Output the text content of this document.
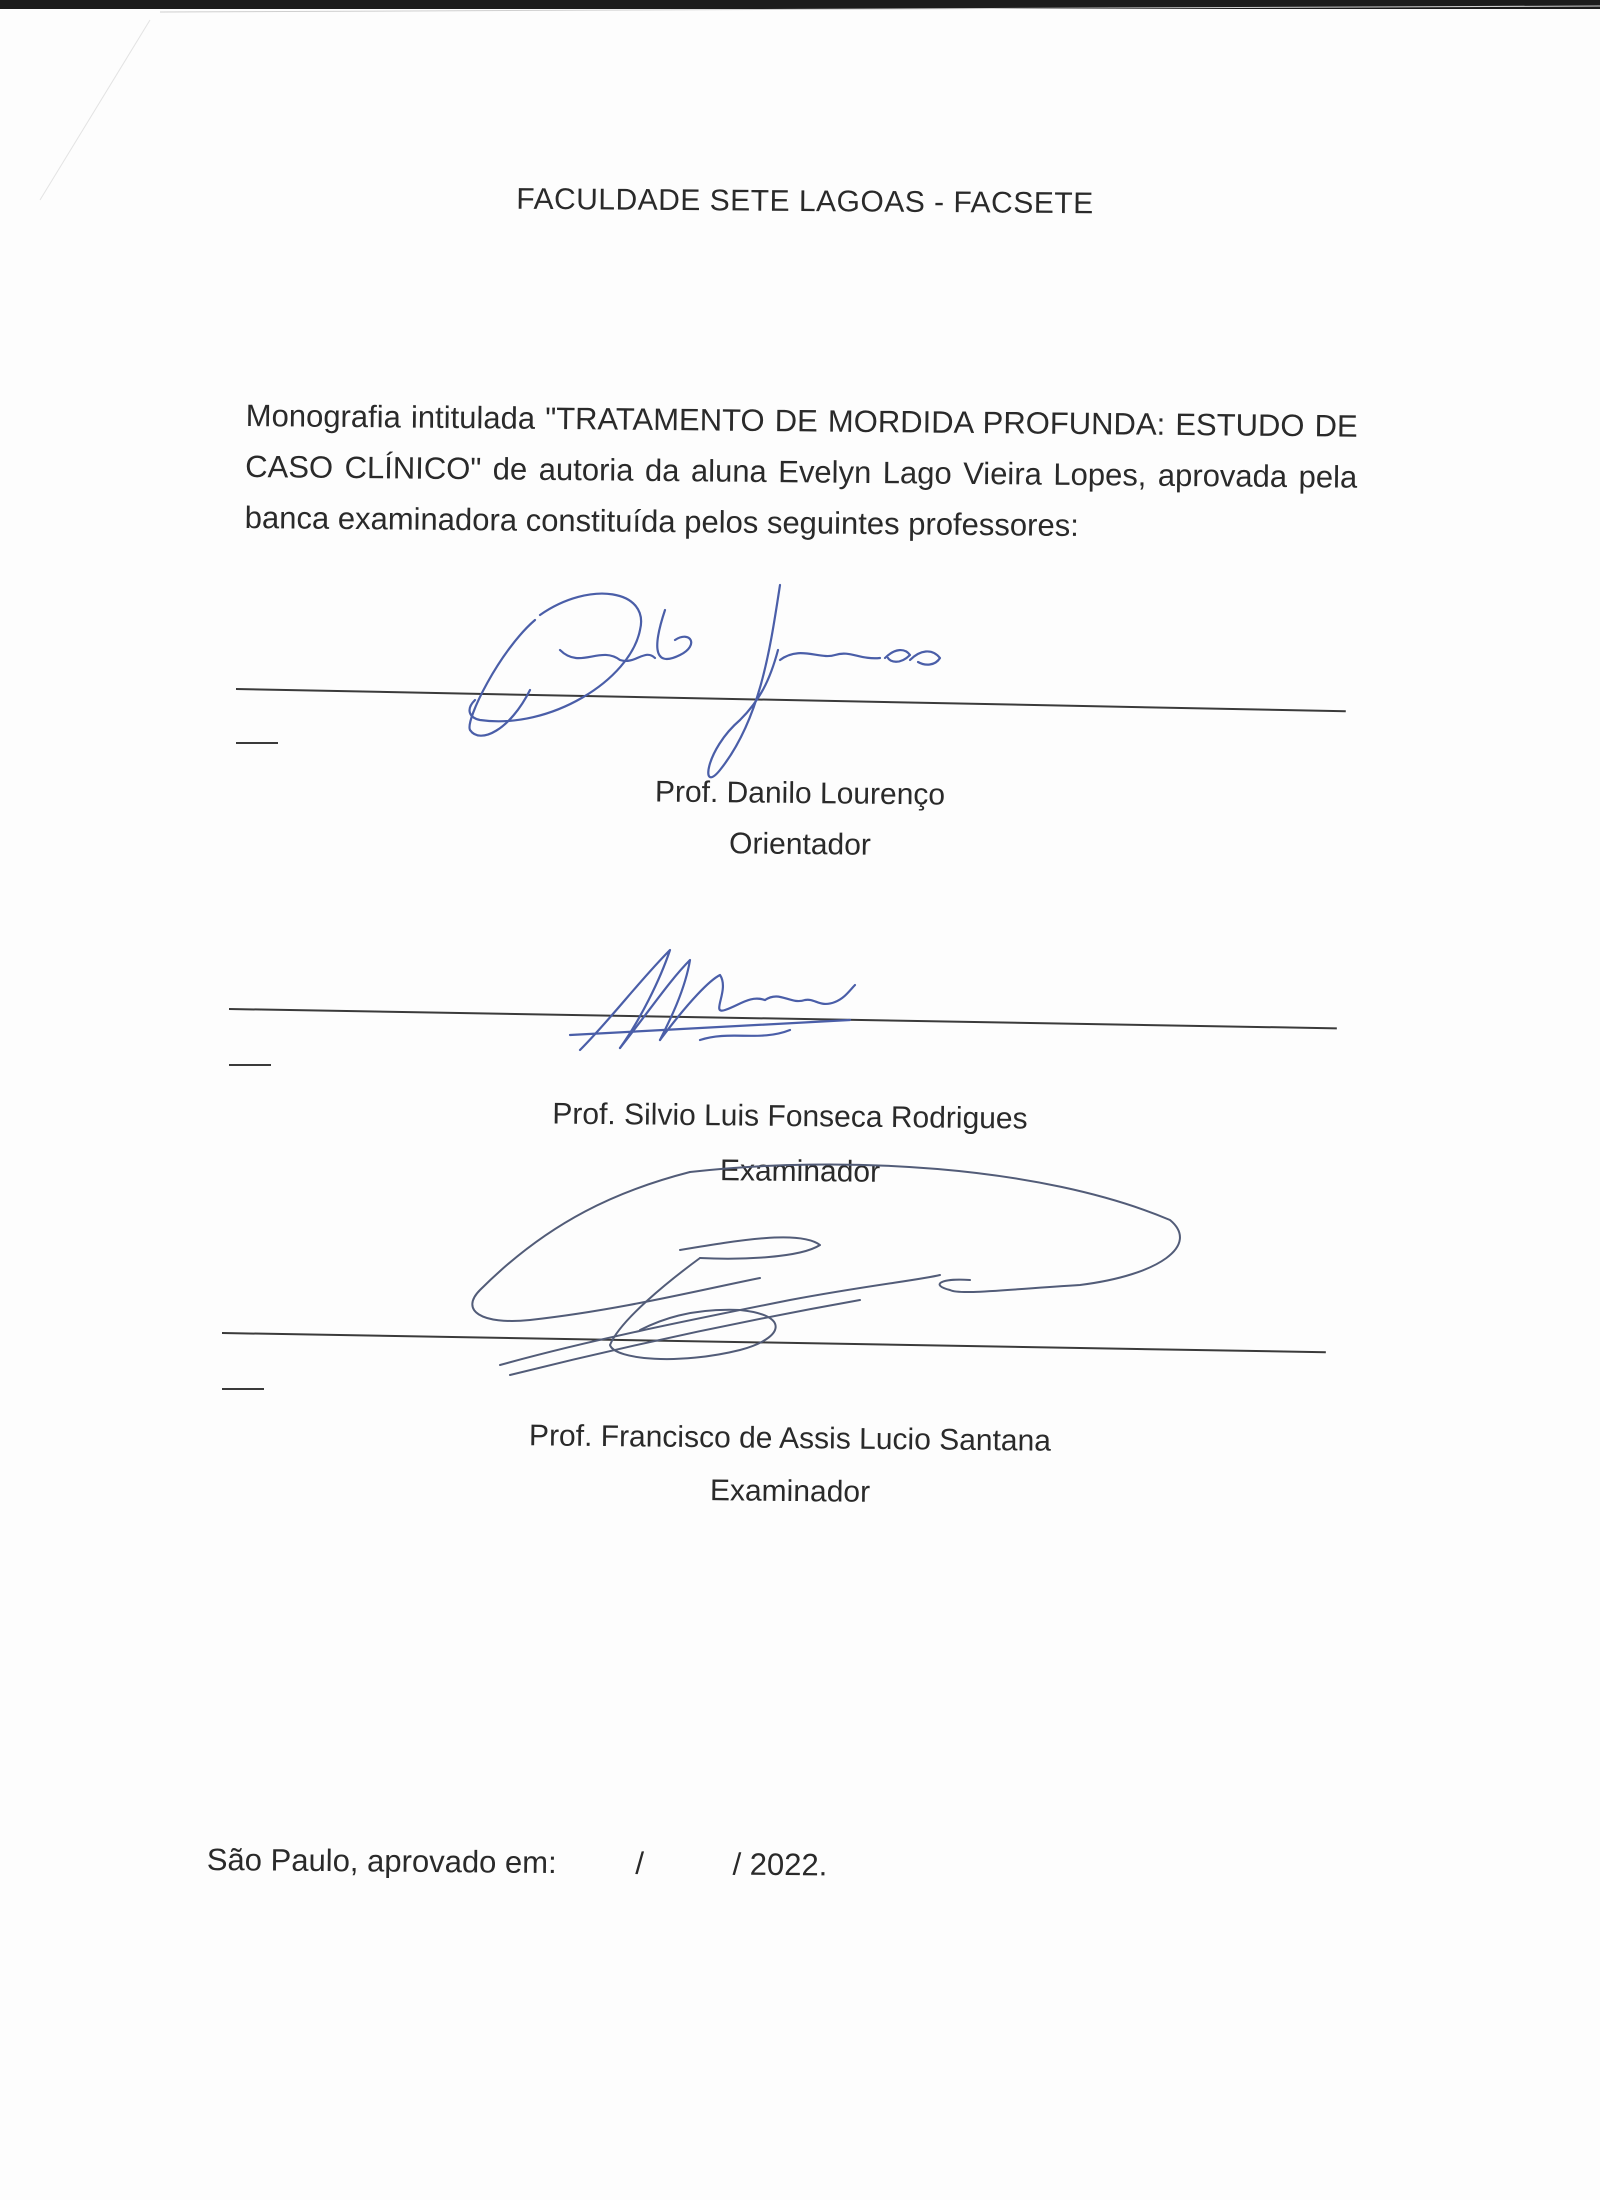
FACULDADE SETE LAGOAS - FACSETE
Monografia intitulada "TRATAMENTO DE MORDIDA PROFUNDA: ESTUDO DE CASO CLÍNICO" de autoria da aluna Evelyn Lago Vieira Lopes, aprovada pela banca examinadora constituída pelos seguintes professores:
Prof. Danilo Lourenço
Orientador
Prof. Silvio Luis Fonseca Rodrigues
Examinador
Prof. Francisco de Assis Lucio Santana
Examinador
São Paulo, aprovado em:	/	/ 2022.
